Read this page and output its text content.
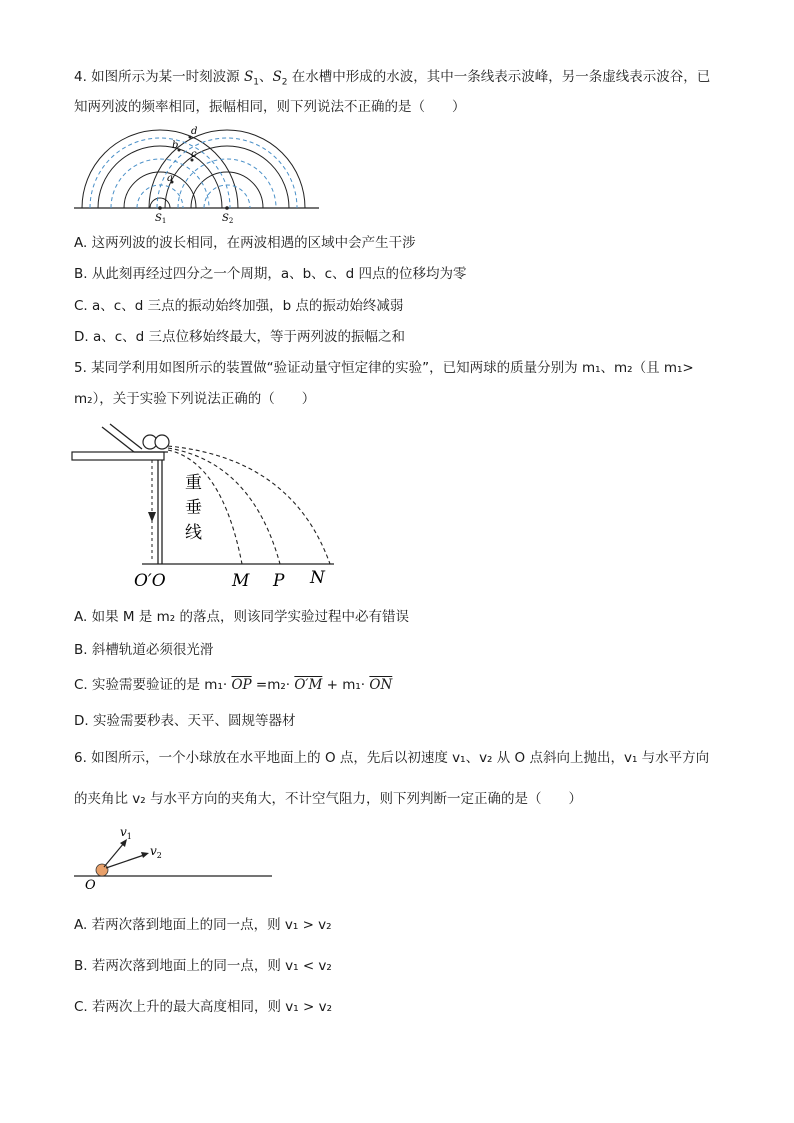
4. 如图所示为某一时刻波源 $S_1$、$S_2$ 在水槽中形成的水波，其中一条线表示波峰，另一条虚线表示波谷，已
知两列波的频率相同，振幅相同，则下列说法不正确的是（　　）
a
b
c
d
$S_1$	$S_2$
A. 这两列波的波长相同，在两波相遇的区域中会产生干涉
B. 从此刻再经过四分之一个周期，a、b、c、d 四点的位移均为零
C. a、c、d 三点的振动始终加强，b 点的振动始终减弱
D. a、c、d 三点位移始终最大，等于两列波的振幅之和
5. 某同学利用如图所示的装置做“验证动量守恒定律的实验”，已知两球的质量分别为 m₁、m₂（且 m₁>
m₂），关于实验下列说法正确的（　　）
重
垂
线
O′O	M P N
A. 如果 M 是 m₂ 的落点，则该同学实验过程中必有错误
B. 斜槽轨道必须很光滑
C. 实验需要验证的是 $m_1\cdot \overline{OP} =m_2\cdot O'M + m_1\cdot \overline{ON}$
D. 实验需要秒表、天平、圆规等器材
6. 如图所示，一个小球放在水平地面上的 O 点，先后以初速度 v₁、v₂ 从 O 点斜向上抛出，v₁ 与水平方向
的夹角比 v₂ 与水平方向的夹角大，不计空气阻力，则下列判断一定正确的是（　　）
$v_1$
$v_2$
O
A. 若两次落到地面上的同一点，则 v₁ > v₂
B. 若两次落到地面上的同一点，则 v₁ < v₂
C. 若两次上升的最大高度相同，则 v₁ > v₂
